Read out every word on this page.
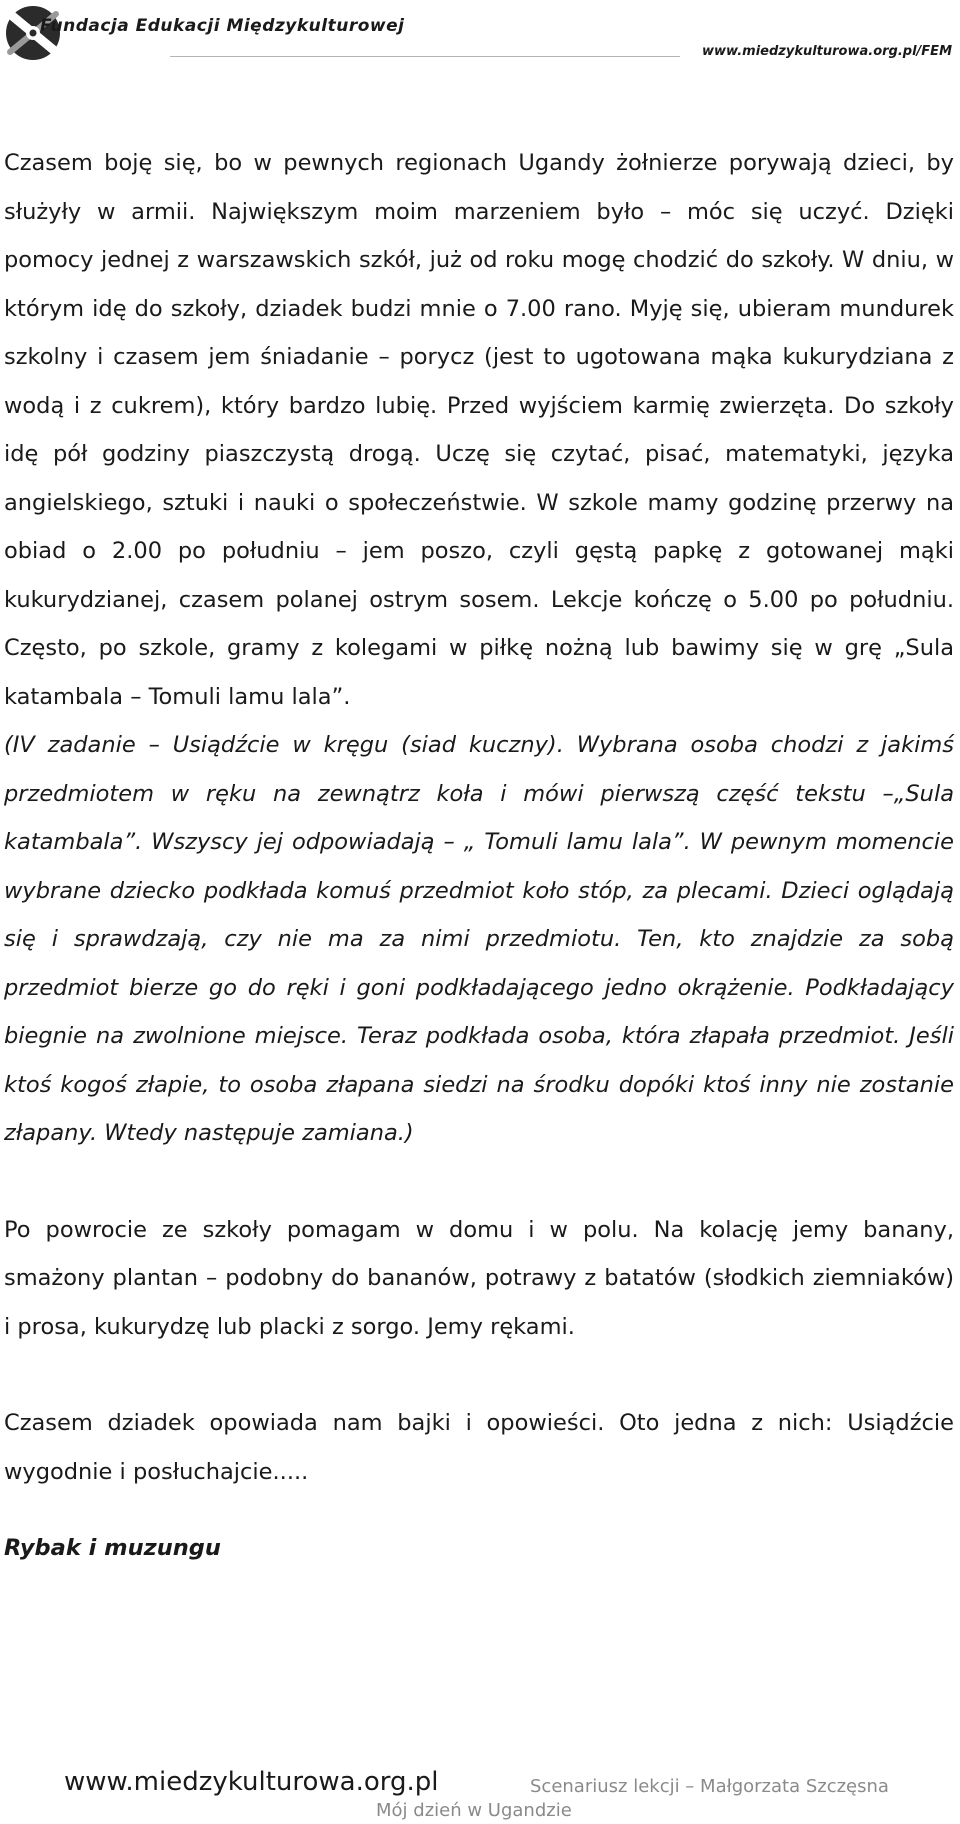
Fundacja Edukacji Międzykulturowej
www.miedzykulturowa.org.pl/FEM

Czasem boję się, bo w pewnych regionach Ugandy żołnierze porywają dzieci, by służyły w armii. Największym moim marzeniem było – móc się uczyć. Dzięki pomocy jednej z warszawskich szkół, już od roku mogę chodzić do szkoły. W dniu, w którym idę do szkoły, dziadek budzi mnie o 7.00 rano. Myję się, ubieram mundurek szkolny i czasem jem śniadanie – porycz (jest to ugotowana mąka kukurydziana z wodą i z cukrem), który bardzo lubię. Przed wyjściem karmię zwierzęta. Do szkoły idę pół godziny piaszczystą drogą. Uczę się czytać, pisać, matematyki, języka angielskiego, sztuki i nauki o społeczeństwie. W szkole mamy godzinę przerwy na obiad o 2.00 po południu – jem poszo, czyli gęstą papkę z gotowanej mąki kukurydzianej, czasem polanej ostrym sosem. Lekcje kończę o 5.00 po południu. Często, po szkole, gramy z kolegami w piłkę nożną lub bawimy się w grę „Sula katambala – Tomuli lamu lala”.

(IV zadanie – Usiądźcie w kręgu (siad kuczny). Wybrana osoba chodzi z jakimś przedmiotem w ręku na zewnątrz koła i mówi pierwszą część tekstu –„Sula katambala”. Wszyscy jej odpowiadają – „ Tomuli lamu lala”. W pewnym momencie wybrane dziecko podkłada komuś przedmiot koło stóp, za plecami. Dzieci oglądają się i sprawdzają, czy nie ma za nimi przedmiotu. Ten, kto znajdzie za sobą przedmiot bierze go do ręki i goni podkładającego jedno okrążenie. Podkładający biegnie na zwolnione miejsce. Teraz podkłada osoba, która złapała przedmiot. Jeśli ktoś kogoś złapie, to osoba złapana siedzi na środku dopóki ktoś inny nie zostanie złapany. Wtedy następuje zamiana.)

Po powrocie ze szkoły pomagam w domu i w polu. Na kolację jemy banany, smażony plantan – podobny do bananów, potrawy z batatów (słodkich ziemniaków) i prosa, kukurydzę lub placki z sorgo. Jemy rękami.

Czasem dziadek opowiada nam bajki i opowieści. Oto jedna z nich: Usiądźcie wygodnie i posłuchajcie.....

Rybak i muzungu

www.miedzykulturowa.org.pl	Scenariusz lekcji – Małgorzata Szczęsna
Mój dzień w Ugandzie
